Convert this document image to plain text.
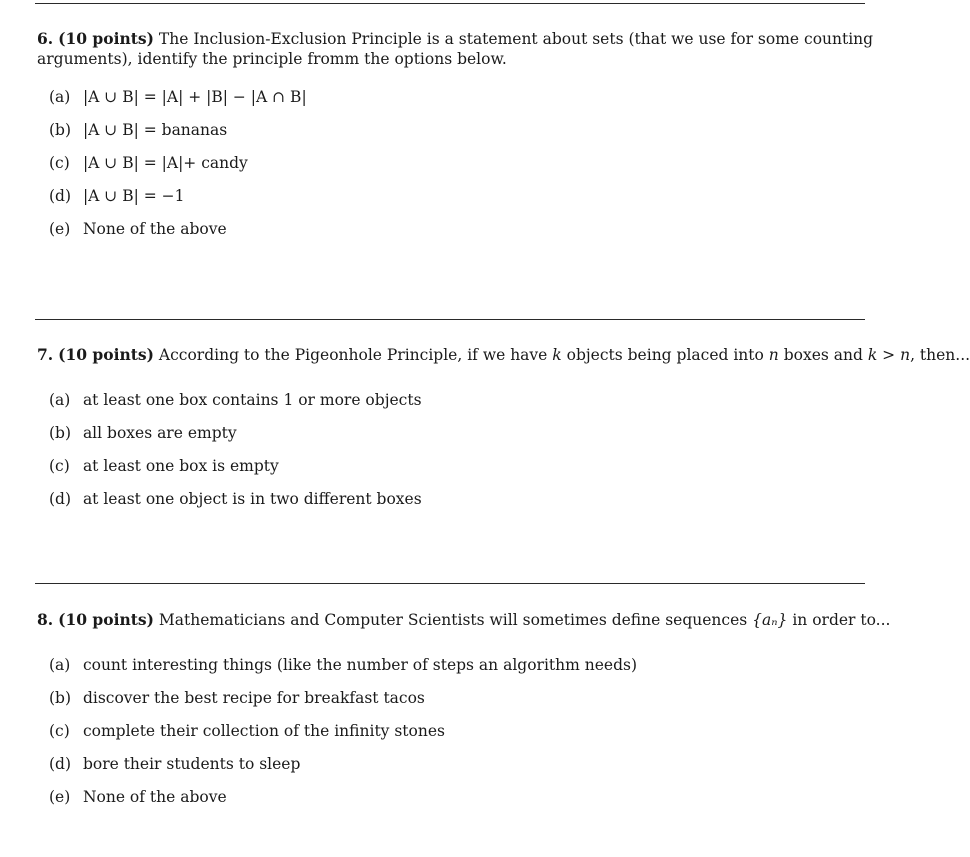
6. (10 points) The Inclusion-Exclusion Principle is a statement about sets (that we use for some counting arguments), identify the principle fromm the options below.
(a) |A ∪ B| = |A| + |B| − |A ∩ B|
(b) |A ∪ B| = bananas
(c) |A ∪ B| = |A|+ candy
(d) |A ∪ B| = −1
(e) None of the above
7. (10 points) According to the Pigeonhole Principle, if we have k objects being placed into n boxes and k > n, then...
(a) at least one box contains 1 or more objects
(b) all boxes are empty
(c) at least one box is empty
(d) at least one object is in two different boxes
8. (10 points) Mathematicians and Computer Scientists will sometimes define sequences {aₙ} in order to...
(a) count interesting things (like the number of steps an algorithm needs)
(b) discover the best recipe for breakfast tacos
(c) complete their collection of the infinity stones
(d) bore their students to sleep
(e) None of the above
